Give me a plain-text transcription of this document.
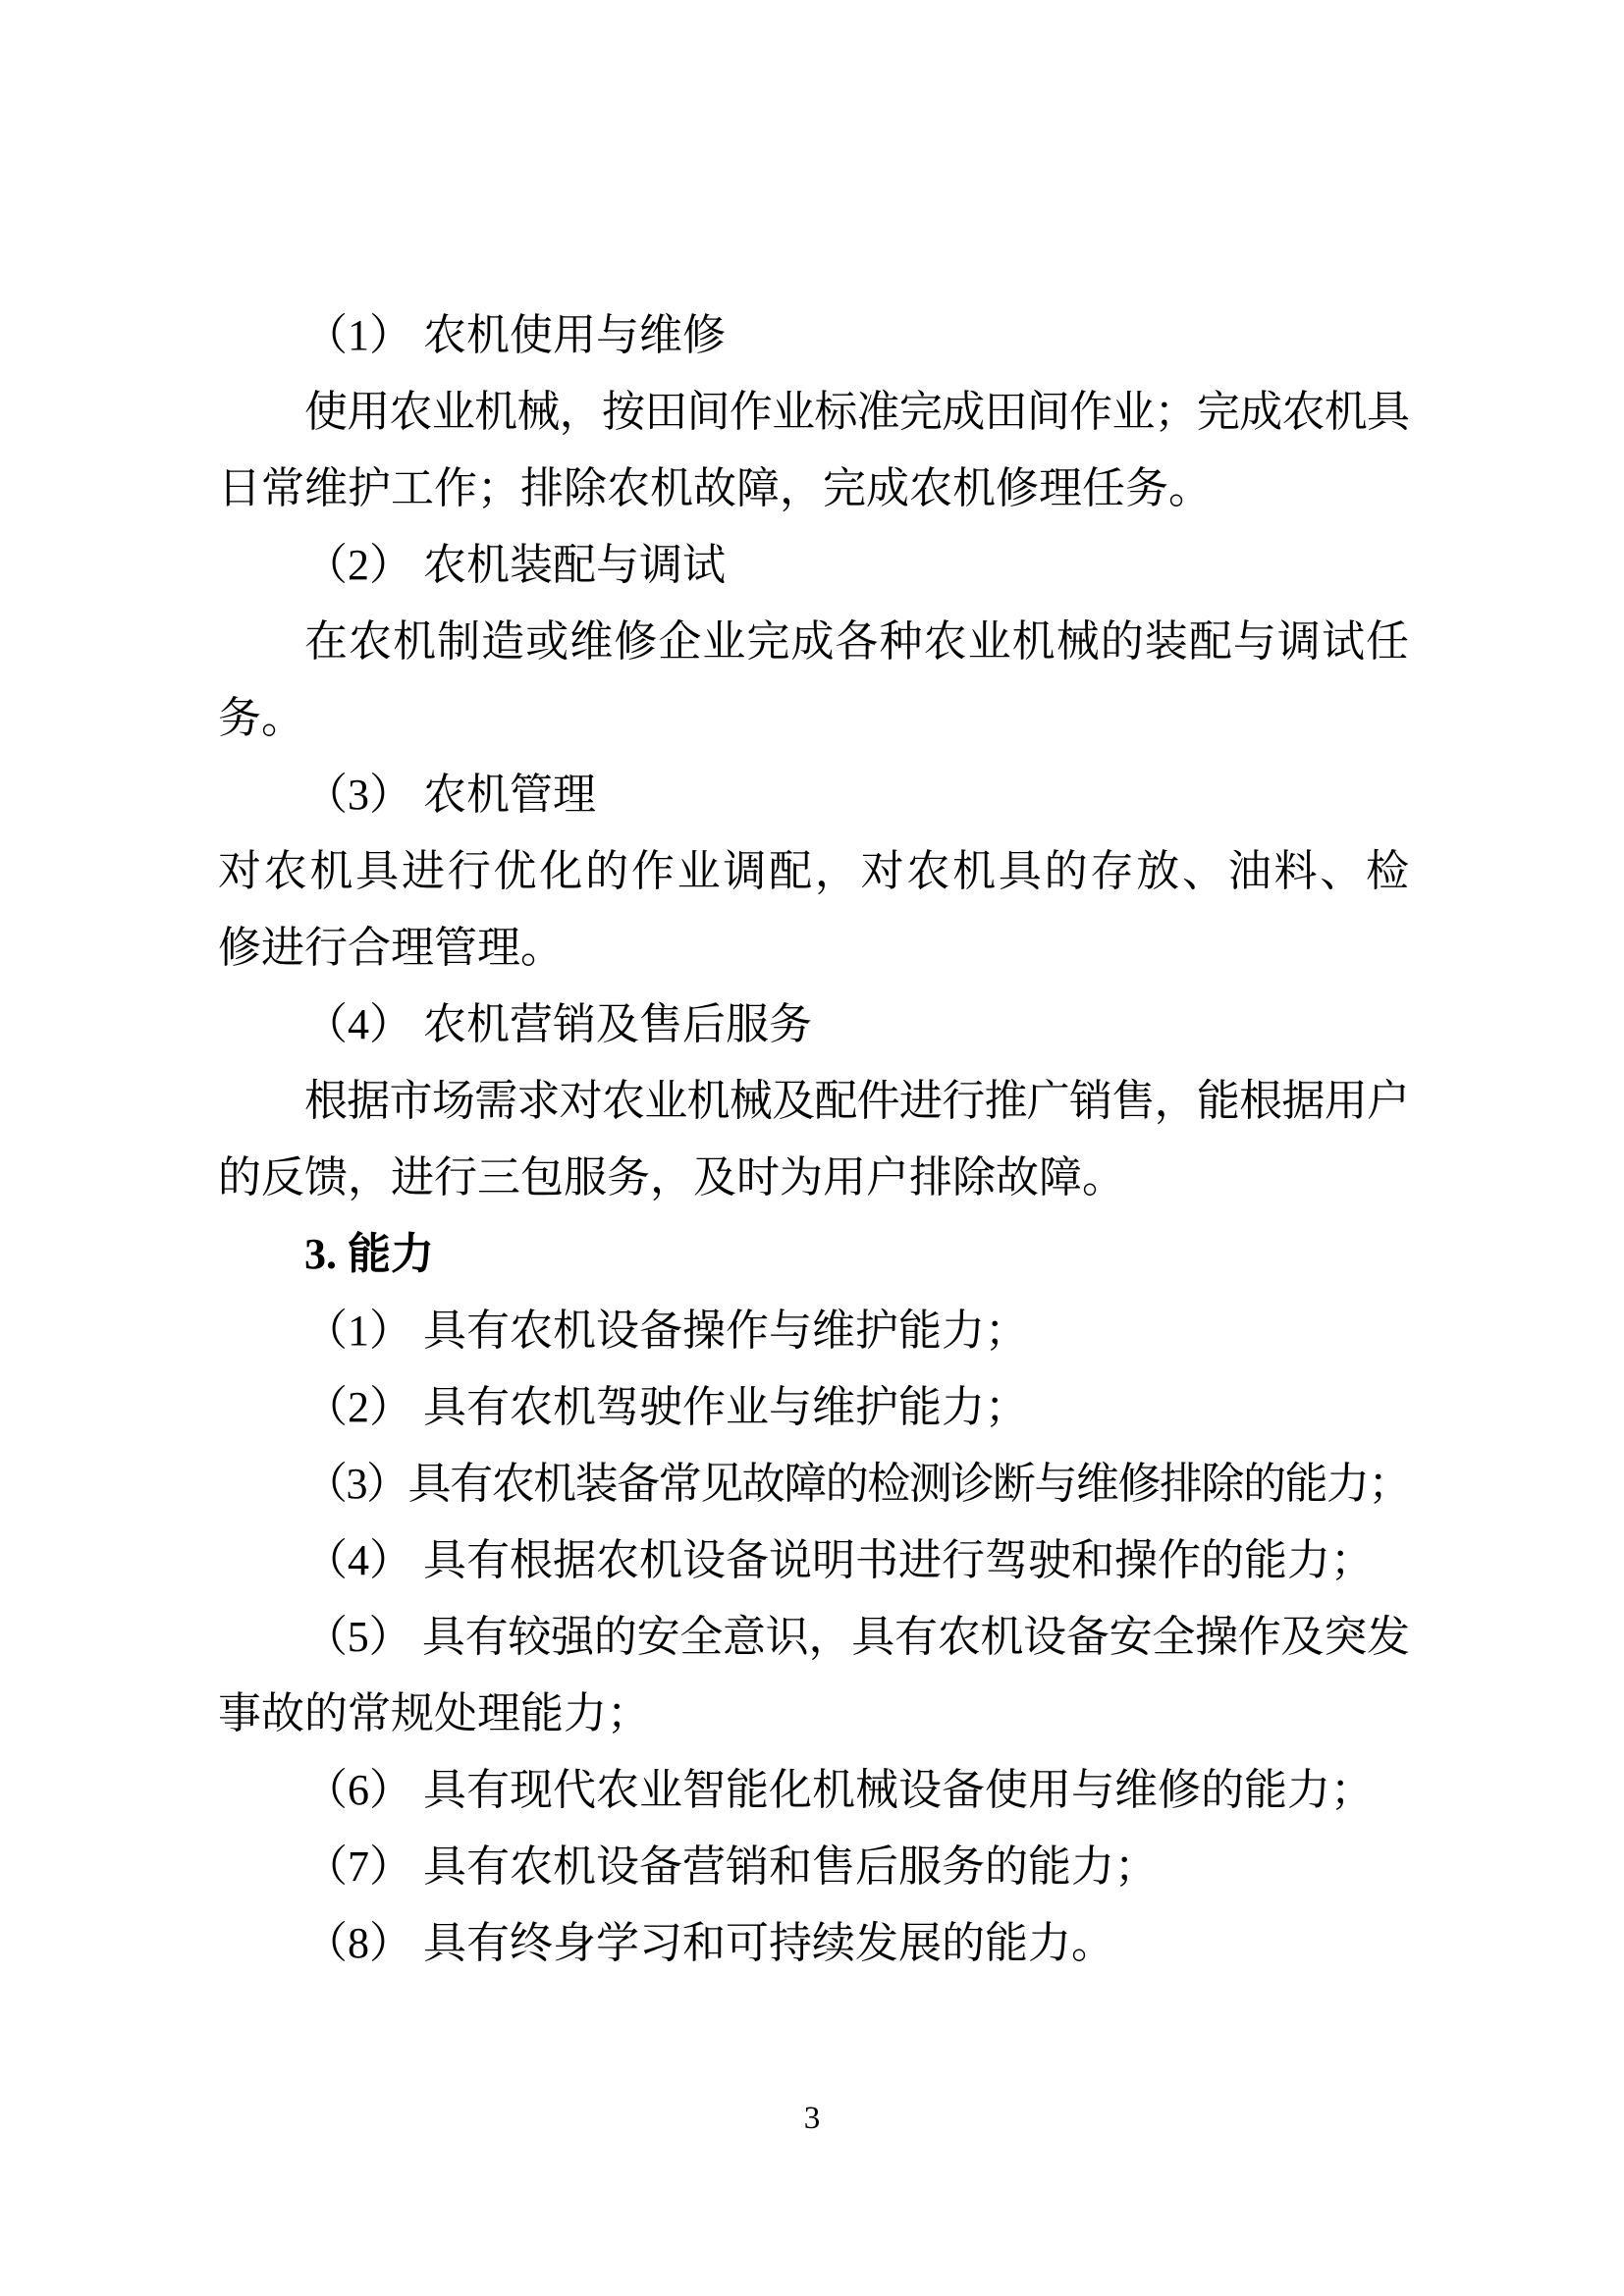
（1） 农机使用与维修
使用农业机械，按田间作业标准完成田间作业；完成农机具
日常维护工作；排除农机故障，完成农机修理任务。
（2） 农机装配与调试
在农机制造或维修企业完成各种农业机械的装配与调试任
务。
（3） 农机管理
对农机具进行优化的作业调配，对农机具的存放、油料、检
修进行合理管理。
（4） 农机营销及售后服务
根据市场需求对农业机械及配件进行推广销售，能根据用户
的反馈，进行三包服务，及时为用户排除故障。
3. 能力
（1） 具有农机设备操作与维护能力；
（2） 具有农机驾驶作业与维护能力；
（3）具有农机装备常见故障的检测诊断与维修排除的能力；
（4） 具有根据农机设备说明书进行驾驶和操作的能力；
（5） 具有较强的安全意识，具有农机设备安全操作及突发
事故的常规处理能力；
（6） 具有现代农业智能化机械设备使用与维修的能力；
（7） 具有农机设备营销和售后服务的能力；
（8） 具有终身学习和可持续发展的能力。
3
